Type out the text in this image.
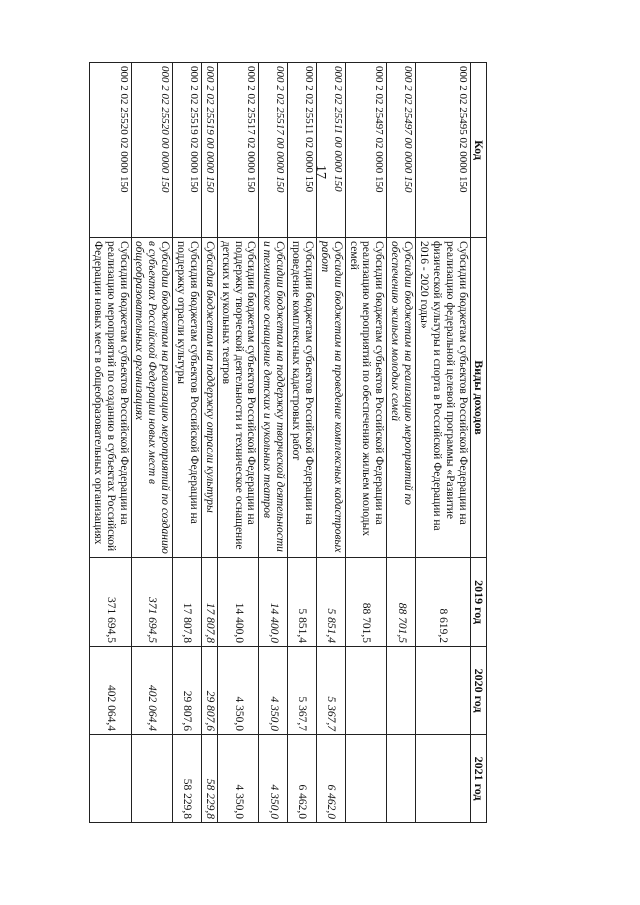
17
Код	Виды доходов	2019 год	2020 год	2021 год
000 2 02 25495 02 0000 150	Субсидии бюджетам субъектов Российской Федерации на реализацию федеральной целевой программы «Развитие физической культуры и спорта в Российской Федерации на 2016 - 2020 годы»	8 619,2		
000 2 02 25497 00 0000 150	Субсидии бюджетам на реализацию мероприятий по обеспечению жильем молодых семей	88 701,5		
000 2 02 25497 02 0000 150	Субсидии бюджетам субъектов Российской Федерации на реализацию мероприятий по обеспечению жильем молодых семей	88 701,5		
000 2 02 25511 00 0000 150	Субсидии бюджетам на проведение комплексных кадастровых работ	5 851,4	5 367,7	6 462,0
000 2 02 25511 02 0000 150	Субсидии бюджетам субъектов Российской Федерации на проведение комплексных кадастровых работ	5 851,4	5 367,7	6 462,0
000 2 02 25517 00 0000 150	Субсидии бюджетам на поддержку творческой деятельности и техническое оснащение детских и кукольных театров	14 400,0	4 350,0	4 350,0
000 2 02 25517 02 0000 150	Субсидии бюджетам субъектов Российской Федерации на поддержку творческой деятельности и техническое оснащение детских и кукольных театров	14 400,0	4 350,0	4 350,0
000 2 02 25519 00 0000 150	Субсидия бюджетам на поддержку отрасли культуры	17 807,8	29 807,6	58 229,8
000 2 02 25519 02 0000 150	Субсидия бюджетам субъектов Российской Федерации на поддержку отрасли культуры	17 807,8	29 807,6	58 229,8
000 2 02 25520 00 0000 150	Субсидии бюджетам на реализацию мероприятий по созданию в субъектах Российской Федерации новых мест в общеобразовательных организациях	371 694,5	402 064,4	
000 2 02 25520 02 0000 150	Субсидии бюджетам субъектов Российской Федерации на реализацию мероприятий по созданию в субъектах Российской Федерации новых мест в общеобразовательных организациях	371 694,5	402 064,4	
